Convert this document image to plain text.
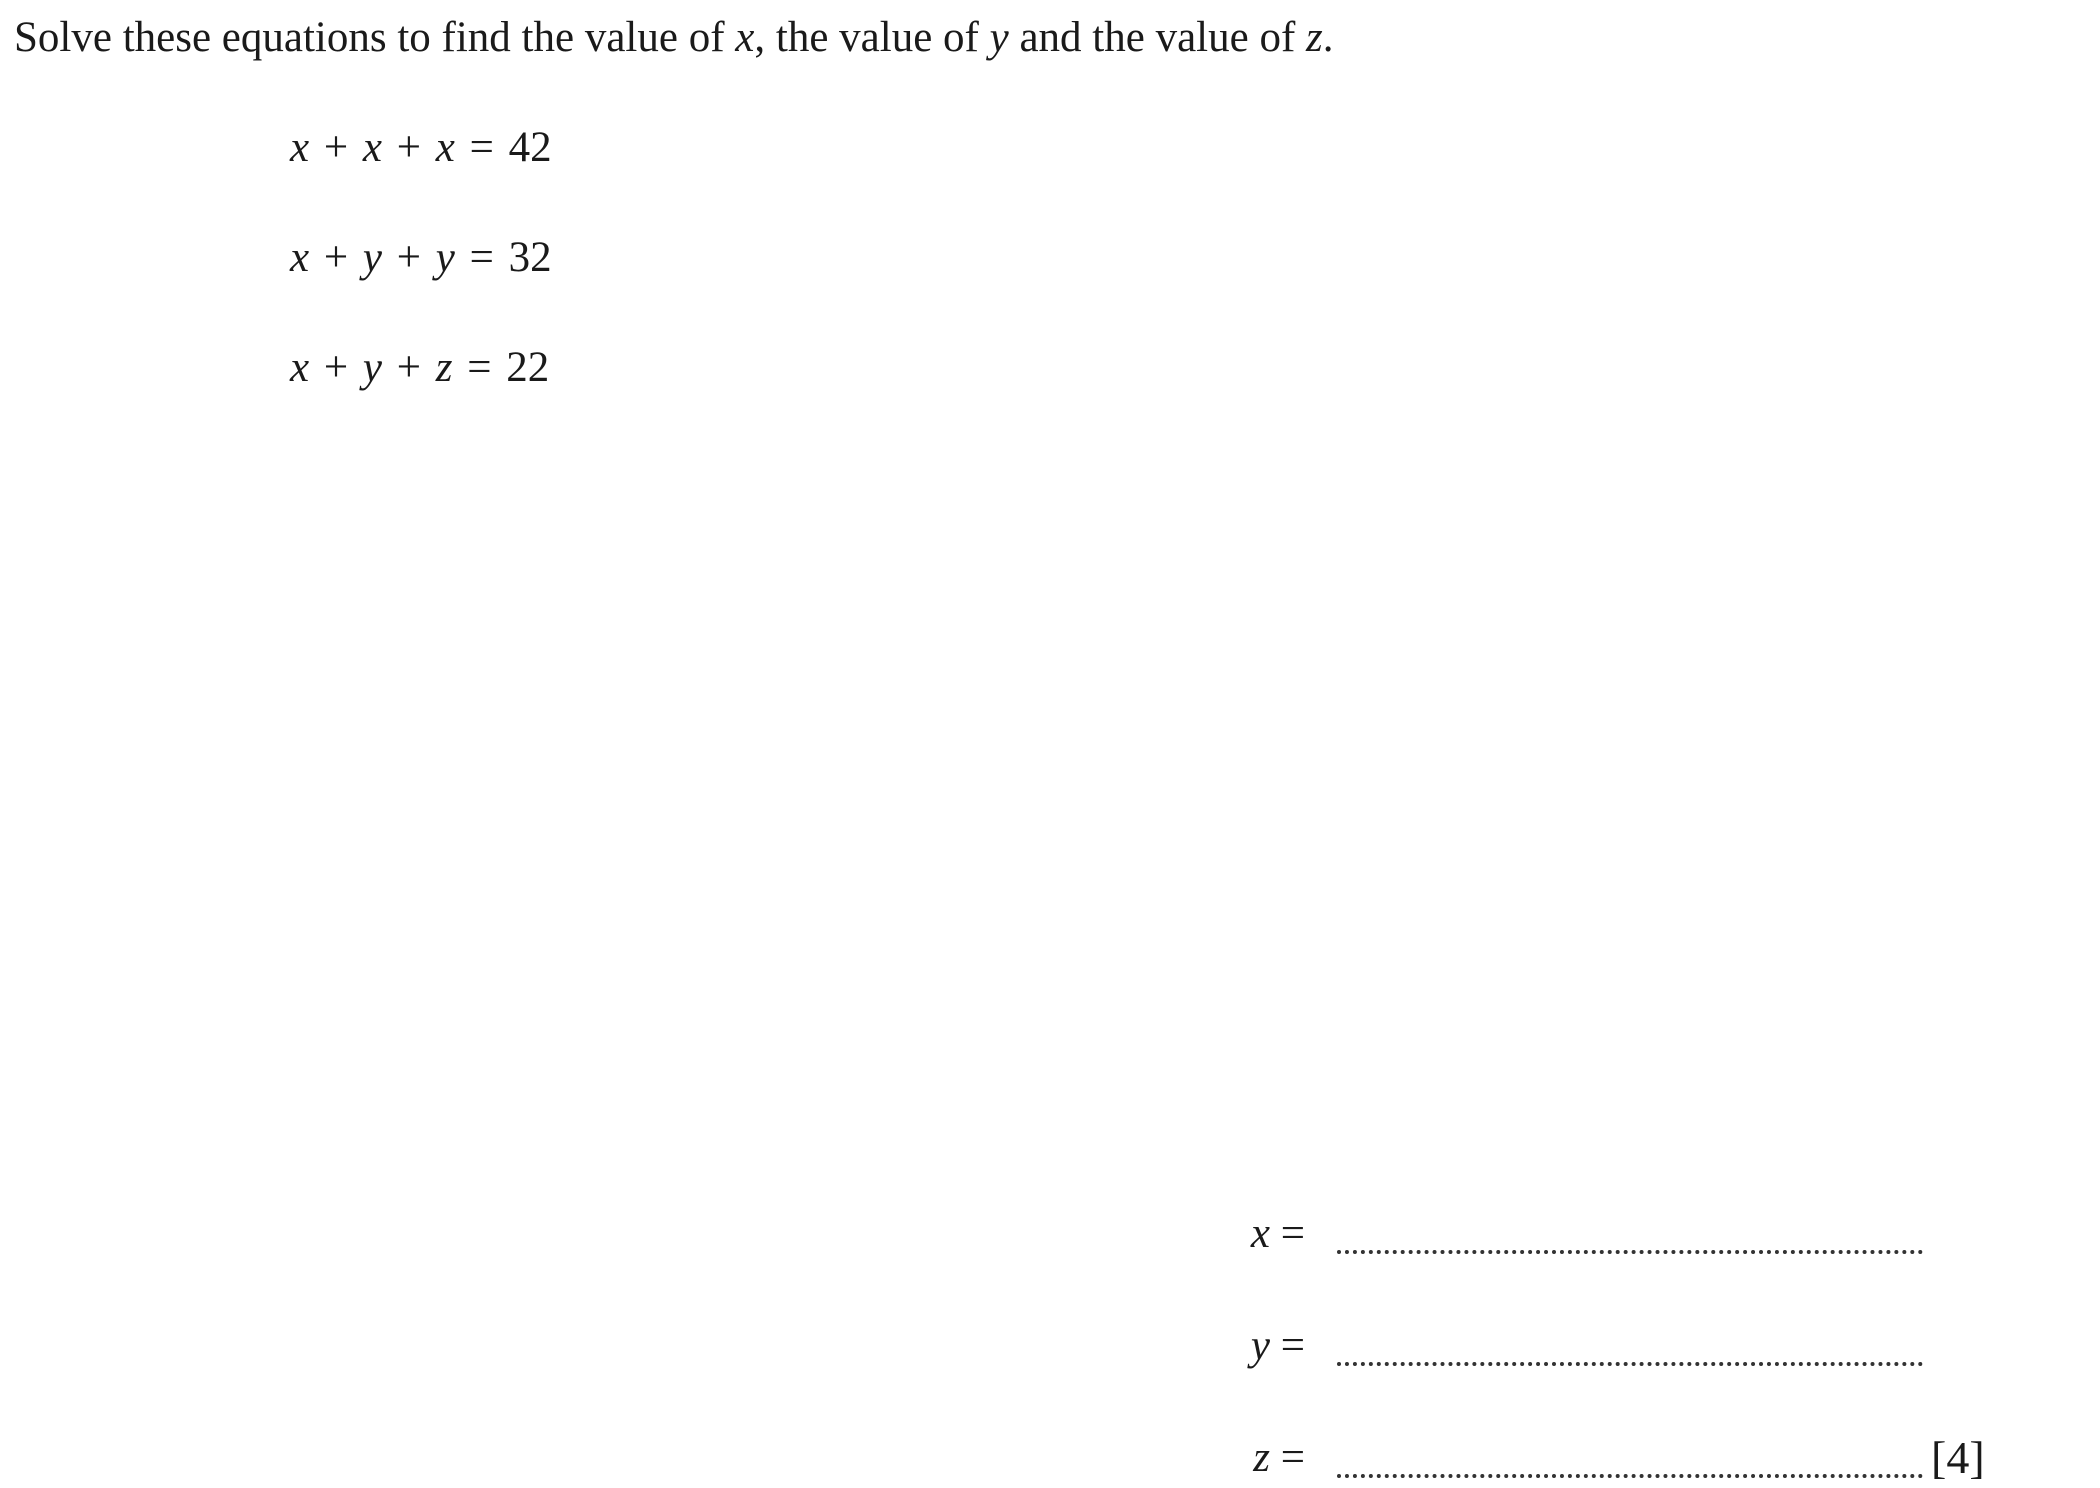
Solve these equations to find the value of x, the value of y and the value of z.
x + x + x = 42
x + y + y = 32
x + y + z = 22
x =
y =
z =	[4]
